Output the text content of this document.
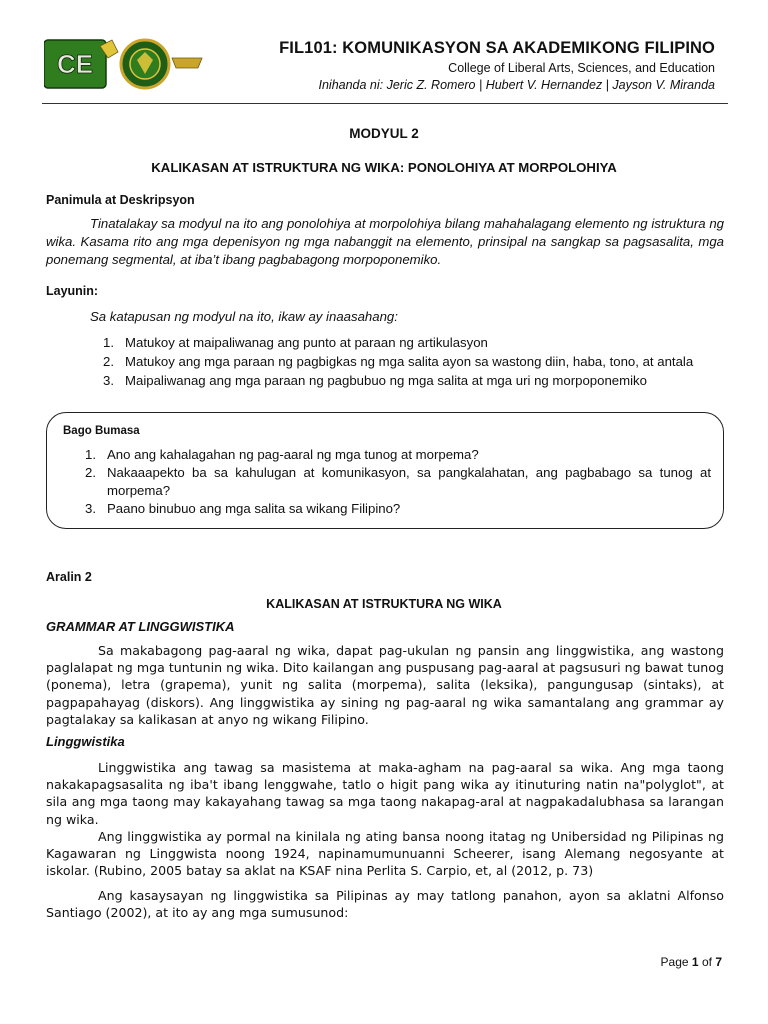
CE
FIL101: KOMUNIKASYON SA AKADEMIKONG FILIPINO
College of Liberal Arts, Sciences, and Education
Inihanda ni: Jeric Z. Romero | Hubert V. Hernandez | Jayson V. Miranda
MODYUL 2
KALIKASAN AT ISTRUKTURA NG WIKA: PONOLOHIYA AT MORPOLOHIYA
Panimula at Deskripsyon
Tinatalakay sa modyul na ito ang ponolohiya at morpolohiya bilang mahahalagang elemento ng istruktura ng wika. Kasama rito ang mga depenisyon ng mga nabanggit na elemento, prinsipal na sangkap sa pagsasalita, mga ponemang segmental, at iba’t ibang pagbabagong morpoponemiko.
Layunin:
Sa katapusan ng modyul na ito, ikaw ay inaasahang:
1. Matukoy at maipaliwanag ang punto at paraan ng artikulasyon
2. Matukoy ang mga paraan ng pagbigkas ng mga salita ayon sa wastong diin, haba, tono, at antala
3. Maipaliwanag ang mga paraan ng pagbubuo ng mga salita at mga uri ng morpoponemiko
Bago Bumasa
1. Ano ang kahalagahan ng pag-aaral ng mga tunog at morpema?
2. Nakaaapekto ba sa kahulugan at komunikasyon, sa pangkalahatan, ang pagbabago sa tunog at morpema?
3. Paano binubuo ang mga salita sa wikang Filipino?
Aralin 2
KALIKASAN AT ISTRUKTURA NG WIKA
GRAMMAR AT LINGGWISTIKA
Sa makabagong pag-aaral ng wika, dapat pag-ukulan ng pansin ang linggwistika, ang wastong paglalapat ng mga tuntunin ng wika. Dito kailangan ang puspusang pag-aaral at pagsusuri ng bawat tunog (ponema), letra (grapema), yunit ng salita (morpema), salita (leksika), pangungusap (sintaks), at pagpapahayag (diskors). Ang linggwistika ay sining ng pag-aaral ng wika samantalang ang grammar ay pagtalakay sa kalikasan at anyo ng wikang Filipino.
Linggwistika
Linggwistika ang tawag sa masistema at maka-agham na pag-aaral sa wika. Ang mga taong nakakapagsasalita ng iba't ibang lenggwahe, tatlo o higit pang wika ay itinuturing natin na"polyglot", at sila ang mga taong may kakayahang tawag sa mga taong nakapag-aral at nagpakadalubhasa sa larangan ng wika.
Ang linggwistika ay pormal na kinilala ng ating bansa noong itatag ng Unibersidad ng Pilipinas ng Kagawaran ng Linggwista noong 1924, napinamumunuanni Scheerer, isang Alemang negosyante at iskolar. (Rubino, 2005 batay sa aklat na KSAF nina Perlita S. Carpio, et, al (2012, p. 73)
Ang kasaysayan ng linggwistika sa Pilipinas ay may tatlong panahon, ayon sa aklatni Alfonso Santiago (2002), at ito ay ang mga sumusunod:
Page 1 of 7
